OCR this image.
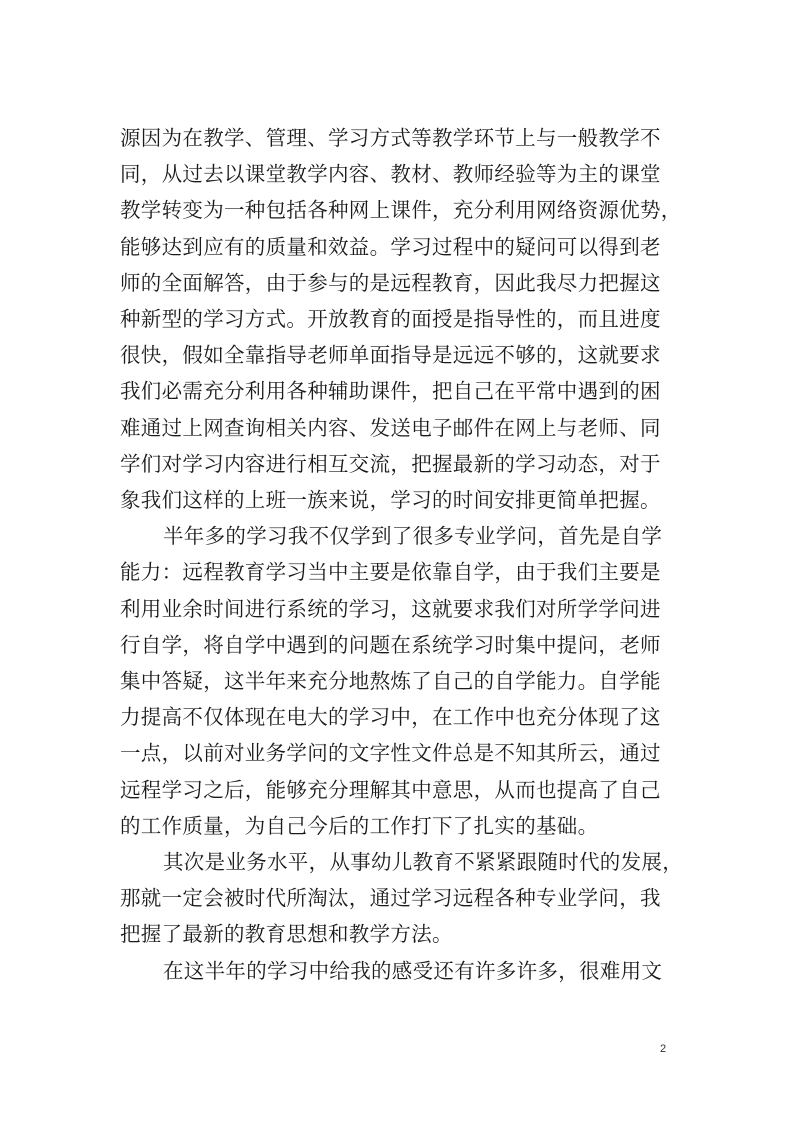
源因为在教学、管理、学习方式等教学环节上与一般教学不
同，从过去以课堂教学内容、教材、教师经验等为主的课堂
教学转变为一种包括各种网上课件，充分利用网络资源优势，
能够达到应有的质量和效益。学习过程中的疑问可以得到老
师的全面解答，由于参与的是远程教育，因此我尽力把握这
种新型的学习方式。开放教育的面授是指导性的，而且进度
很快，假如全靠指导老师单面指导是远远不够的，这就要求
我们必需充分利用各种辅助课件，把自己在平常中遇到的困
难通过上网查询相关内容、发送电子邮件在网上与老师、同
学们对学习内容进行相互交流，把握最新的学习动态，对于
象我们这样的上班一族来说，学习的时间安排更简单把握。
半年多的学习我不仅学到了很多专业学问，首先是自学
能力：远程教育学习当中主要是依靠自学，由于我们主要是
利用业余时间进行系统的学习，这就要求我们对所学学问进
行自学，将自学中遇到的问题在系统学习时集中提问，老师
集中答疑，这半年来充分地熬炼了自己的自学能力。自学能
力提高不仅体现在电大的学习中，在工作中也充分体现了这
一点，以前对业务学问的文字性文件总是不知其所云，通过
远程学习之后，能够充分理解其中意思，从而也提高了自己
的工作质量，为自己今后的工作打下了扎实的基础。
其次是业务水平，从事幼儿教育不紧紧跟随时代的发展，
那就一定会被时代所淘汰，通过学习远程各种专业学问，我
把握了最新的教育思想和教学方法。
在这半年的学习中给我的感受还有许多许多，很难用文
2
